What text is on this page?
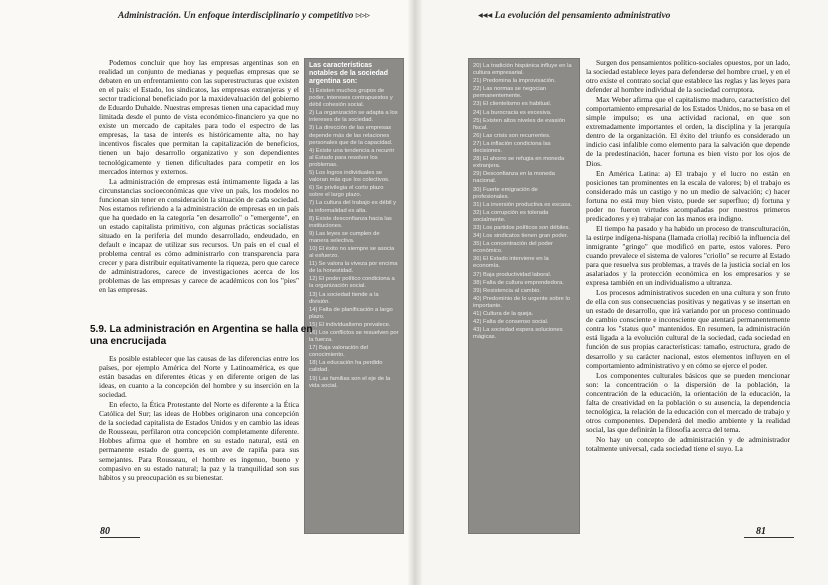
Administración. Un enfoque interdisciplinario y competitivo ▹▹▹

Podemos concluir que hoy las empresas argentinas son en realidad un conjunto de medianas y pequeñas empresas que se debaten en un enfrentamiento con las superestructuras que existen en el país: el Estado, los sindicatos, las empresas extranjeras y el sector tradicional beneficiado por la maxidevaluación del gobierno de Eduardo Duhalde. Nuestras empresas tienen una capacidad muy limitada desde el punto de vista económico-financiero ya que no existe un mercado de capitales para todo el espectro de las empresas, la tasa de interés es históricamente alta, no hay incentivos fiscales que permitan la capitalización de beneficios, tienen un bajo desarrollo organizativo y son dependientes tecnológicamente y tienen dificultades para competir en los mercados internos y externos.

La administración de empresas está íntimamente ligada a las circunstancias socioeconómicas que vive un país, los modelos no funcionan sin tener en consideración la situación de cada sociedad. Nos estamos refiriendo a la administración de empresas en un país que ha quedado en la categoría "en desarrollo" o "emergente", en un estado capitalista primitivo, con algunas prácticas socialistas situado en la periferia del mundo desarrollado, endeudado, en default e incapaz de utilizar sus recursos. Un país en el cual el problema central es cómo administrarlo con transparencia para crecer y para distribuir equitativamente la riqueza, pero que carece de administradores, carece de investigaciones acerca de los problemas de las empresas y carece de académicos con los "pies" en las empresas.

Las características notables de la sociedad argentina son:
1) Existen muchos grupos de poder, intereses contrapuestos y débil cohesión social.
2) La organización se adapta a los intereses de la sociedad.
3) La dirección de las empresas depende más de las relaciones personales que de la capacidad.
4) Existe una tendencia a recurrir al Estado para resolver los problemas.
5) Los logros individuales se valoran más que los colectivos.
6) Se privilegia el corto plazo sobre el largo plazo.
7) La cultura del trabajo es débil y la informalidad es alta.
8) Existe desconfianza hacia las instituciones.
9) Las leyes se cumplen de manera selectiva.
10) El éxito no siempre se asocia al esfuerzo.
11) Se valora la viveza por encima de la honestidad.
12) El poder político condiciona a la organización social.
13) La sociedad tiende a la división.
14) Falta de planificación a largo plazo.
15) El individualismo prevalece.
16) Los conflictos se resuelven por la fuerza.
17) Baja valoración del conocimiento.
18) La educación ha perdido calidad.
19) Las familias son el eje de la vida social.
5.9. La administración en Argentina se halla en una encrucijada

Es posible establecer que las causas de las diferencias entre los países, por ejemplo América del Norte y Latinoamérica, es que están basadas en diferentes éticas y en diferente origen de las ideas, en cuanto a la concepción del hombre y su inserción en la sociedad.

En efecto, la Ética Protestante del Norte es diferente a la Ética Católica del Sur; las ideas de Hobbes originaron una concepción de la sociedad capitalista de Estados Unidos y en cambio las ideas de Rousseau, perfilaron otra concepción completamente diferente. Hobbes afirma que el hombre en su estado natural, está en permanente estado de guerra, es un ave de rapiña para sus semejantes. Para Rousseau, el hombre es ingenuo, bueno y compasivo en su estado natural; la paz y la tranquilidad son sus hábitos y su preocupación es su bienestar.

80
◂◂◂ La evolución del pensamiento administrativo
20) La tradición hispánica influye en la cultura empresarial.
21) Predomina la improvisación.
22) Las normas se negocian permanentemente.
23) El clientelismo es habitual.
24) La burocracia es excesiva.
25) Existen altos niveles de evasión fiscal.
26) Las crisis son recurrentes.
27) La inflación condiciona las decisiones.
28) El ahorro se refugia en moneda extranjera.
29) Desconfianza en la moneda nacional.
30) Fuerte emigración de profesionales.
31) La inversión productiva es escasa.
32) La corrupción es tolerada socialmente.
33) Los partidos políticos son débiles.
34) Los sindicatos tienen gran poder.
35) La concentración del poder económico.
36) El Estado interviene en la economía.
37) Baja productividad laboral.
38) Falta de cultura emprendedora.
39) Resistencia al cambio.
40) Predominio de lo urgente sobre lo importante.
41) Cultura de la queja.
42) Falta de consenso social.
43) La sociedad espera soluciones mágicas.

Surgen dos pensamientos político-sociales opuestos, por un lado, la sociedad establece leyes para defenderse del hombre cruel, y en el otro existe el contrato social que establece las reglas y las leyes para defender al hombre individual de la sociedad corruptora.

Max Weber afirma que el capitalismo maduro, característico del comportamiento empresarial de los Estados Unidos, no se basa en el simple impulso; es una actividad racional, en que son extremadamente importantes el orden, la disciplina y la jerarquía dentro de la organización. El éxito del triunfo es considerado un indicio casi infalible como elemento para la salvación que depende de la predestinación, hacer fortuna es bien visto por los ojos de Dios.

En América Latina: a) El trabajo y el lucro no están en posiciones tan prominentes en la escala de valores; b) el trabajo es considerado más un castigo y no un medio de salvación; c) hacer fortuna no está muy bien visto, puede ser superfluo; d) fortuna y poder no fueron virtudes acompañadas por nuestros primeros predicadores y e) trabajar con las manos era indigno.

El tiempo ha pasado y ha habido un proceso de transculturación, la estirpe indígena-hispana (llamada criolla) recibió la influencia del inmigrante "gringo" que modificó en parte, estos valores. Pero cuando prevalece el sistema de valores "criollo" se recurre al Estado para que resuelva sus problemas, a través de la justicia social en los asalariados y la protección económica en los empresarios y se expresa también en un individualismo a ultranza.

Los procesos administrativos suceden en una cultura y son fruto de ella con sus consecuencias positivas y negativas y se insertan en un estado de desarrollo, que irá variando por un proceso continuado de cambio consciente e inconsciente que atentará permanentemente contra los "status quo" mantenidos. En resumen, la administración está ligada a la evolución cultural de la sociedad, cada sociedad en función de sus propias características: tamaño, estructura, grado de desarrollo y su carácter nacional, estos elementos influyen en el comportamiento administrativo y en cómo se ejerce el poder.

Los componentes culturales básicos que se pueden mencionar son: la concentración o la dispersión de la población, la concentración de la educación, la orientación de la educación, la falta de creatividad en la población o su ausencia, la dependencia tecnológica, la relación de la educación con el mercado de trabajo y otros componentes. Dependerá del medio ambiente y la realidad social, las que definirán la filosofía acerca del tema.

No hay un concepto de administración y de administrador totalmente universal, cada sociedad tiene el suyo. La

81
